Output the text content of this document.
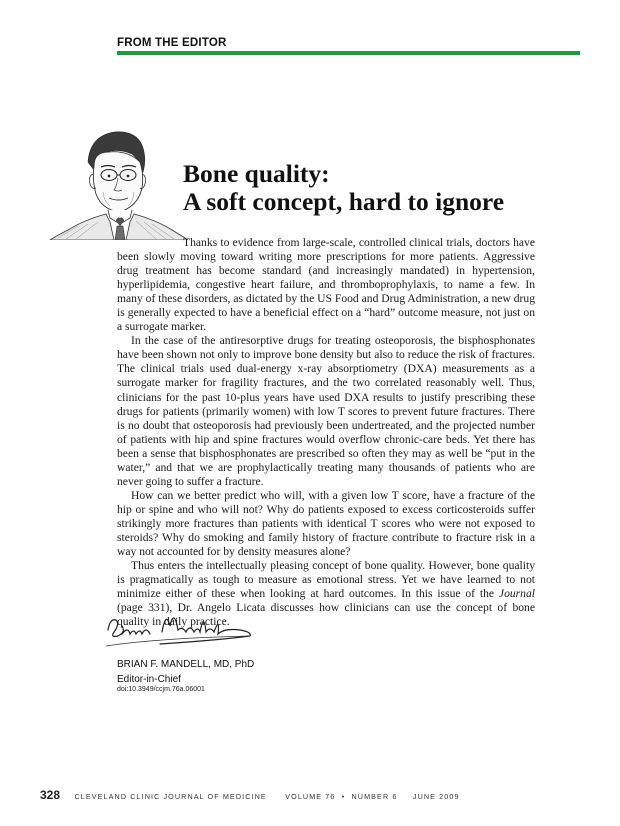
FROM THE EDITOR
Bone quality:
A soft concept, hard to ignore

Thanks to evidence from large-scale, controlled clinical trials, doctors have been slowly moving toward writing more prescriptions for more patients. Aggressive drug treatment has become standard (and increasingly mandated) in hypertension, hyperlipidemia, congestive heart failure, and thromboprophylaxis, to name a few. In many of these disorders, as dictated by the US Food and Drug Administration, a new drug is generally expected to have a beneficial effect on a “hard” outcome measure, not just on a surrogate marker.

In the case of the antiresorptive drugs for treating osteoporosis, the bisphosphonates have been shown not only to improve bone density but also to reduce the risk of fractures. The clinical trials used dual-energy x-ray absorptiometry (DXA) measurements as a surrogate marker for fragility fractures, and the two correlated reasonably well. Thus, clinicians for the past 10-plus years have used DXA results to justify prescribing these drugs for patients (primarily women) with low T scores to prevent future fractures. There is no doubt that osteoporosis had previously been undertreated, and the projected number of patients with hip and spine fractures would overflow chronic-care beds. Yet there has been a sense that bisphosphonates are prescribed so often they may as well be “put in the water,” and that we are prophylactically treating many thousands of patients who are never going to suffer a fracture.

How can we better predict who will, with a given low T score, have a fracture of the hip or spine and who will not? Why do patients exposed to excess corticosteroids suffer strikingly more fractures than patients with identical T scores who were not exposed to steroids? Why do smoking and family history of fracture contribute to fracture risk in a way not accounted for by density measures alone?

Thus enters the intellectually pleasing concept of bone quality. However, bone quality is pragmatically as tough to measure as emotional stress. Yet we have learned to not minimize either of these when looking at hard outcomes. In this issue of the Journal (page 331), Dr. Angelo Licata discusses how clinicians can use the concept of bone quality in daily practice.

BRIAN F. MANDELL, MD, PhD
Editor-in-Chief
doi:10.3949/ccjm.76a.06001
328 CLEVELAND CLINIC JOURNAL OF MEDICINE	VOLUME 76  •  NUMBER 6     JUNE 2009
